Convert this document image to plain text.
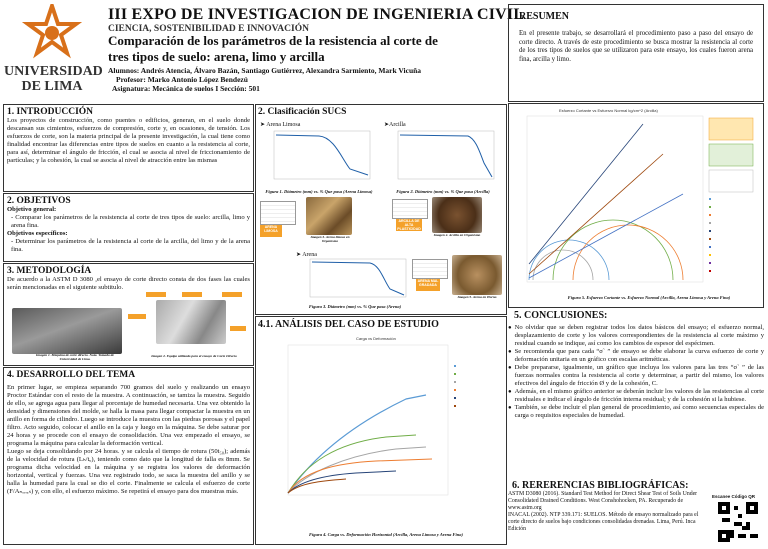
UNIVERSIDAD
DE LIMA
III EXPO DE INVESTIGACION DE INGENIERIA CIVIL
CIENCIA, SOSTENIBILIDAD E INNOVACIÓN
Comparación de los parámetros de la resistencia al corte de
tres tipos de suelo: arena, limo y arcilla
Alumnos: Andrés Atencia, Álvaro Bazán, Santiago Gutiérrez, Alexandra Sarmiento, Mark Vicuña
Profesor: Marko Antonio López Bendezú
Asignatura: Mecánica de suelos I Sección: 501
RESUMEN
En el presente trabajo, se desarrollará el procedimiento paso a paso del ensayo de corte directo. A través de este procedimiento se busca mostrar la resistencia al corte de los tres tipos de suelos que se utilizaron para este ensayo, los cuales fueron arena fina, arcilla y limo.
1. INTRODUCCIÓN
Los proyectos de construcción, como puentes o edificios, generan, en el suelo donde descansan sus cimientos, esfuerzos de compresión, corte y, en ocasiones, de tensión. Los esfuerzos de corte, son la materia principal de la presente investigación, la cual tiene como finalidad encontrar las diferencias entre tipos de suelos en cuanto a la resistencia al corte, para así, determinar el ángulo de fricción, el cual se asocia al nivel de friccionamiento de partículas; y la cohesión, la cual se asocia al nivel de atracción entre las mismas
2. OBJETIVOS
Objetivo general:
- Comparar los parámetros de la resistencia al corte de tres tipos de suelo: arcilla, limo y arena fina.
Objetivos específicos:
- Determinar los parámetros de la resistencia al corte de la arcilla, del limo y de la arena fina.
3. METODOLOGÍA
De acuerdo a la ASTM D 3080 ,el ensayo de corte directo consta de dos fases las cuales serán mencionadas en el siguiente subtitulo.
Imagen 1. Máquina de corte directo. Nota. Tomado de Universidad de Lima.
Imagen 2. Equipo utilizado para el ensayo de Corte Directo
4. DESARROLLO DEL TEMA
En primer lugar, se empieza separando 700 gramos del suelo y realizando un ensayo Proctor Estándar con el resto de la muestra. A continuación, se tamiza la muestra. Seguido de ello, se agrega agua para llegar al porcentaje de humedad necesaria. Una vez obtenido la densidad y dimensiones del molde, se halla la masa para llegar compactar la muestra en un anillo en forma de cilindro. Luego se introduce la muestra con las piedras porosas y el papel filtro. Acto seguido, colocar el anillo en la caja y luego en la máquina. Se debe saturar por 24 horas y se procede con el ensayo de consolidación. Una vez empezado el ensayo, se programa la máquina para calcular la deformación vertical.
Luego se deja consolidando por 24 horas. y se calcula el tiempo de rotura (50t₅₀); además de la velocidad de rotura (Lₕ/tᵤ), teniendo como dato que la longitud de falla es 8mm. Se programa dicha velocidad en la máquina y se registra los valores de deformación horizontal, vertical y fuerzas. Una vez registrado todo, se saca la muestra del anillo y se halla la humedad para la cual se dio el corte. Finalmente se calcula el esfuerzo de corte (F/Aₙₒᵣᵣₑₛ) y, con ello, el esfuerzo máximo. Se repetirá el ensayo para dos muestras más.
2. Clasificación SUCS
➤ Arena Limosa
Figura 1. Diámetro (mm) vs. % Que pasa (Arena Limosa)
➤Arcilla
Figura 2. Diámetro (mm) vs. % Que pasa (Arcilla)
ARENA LIMOSA
Imagen 3. Arena limosa en Organismo
ARCILLA DE ALTA PLASTICIDAD
Imagen 4. Arcilla en Organismo
➤ Arena
Figura 3. Diámetro (mm) vs. % Que pasa (Arena)
ARENA MAL GRADADA
Imagen 5. Arena en Horno
4.1. ANÁLISIS DEL CASO DE ESTUDIO
Carga vs Deformación
Figura 4. Carga vs. Deformación Horizontal (Arcilla, Arena Limosa y Arena Fina)
Esfuerzo Cortante vs Esfuerzo Normal kg/cm^2 (Arcilla)
Figura 5. Esfuerzo Cortante vs. Esfuerzo Normal (Arcilla, Arena Limosa y Arena Fina)
5. CONCLUSIONES:
● No olvidar que se deben registrar todos los datos básicos del ensayo; el esfuerzo normal, desplazamiento de corte y los valores correspondientes de la resistencia al corte máximo y residual cuando se indique, así como los cambios de espesor del espécimen.
● Se recomienda que para cada “σ` ” de ensayo se debe elaborar la curva esfuerzo de corte y deformación unitaria en un gráfico con escalas aritméticas.
● Debe prepararse, igualmente, un gráfico que incluya los valores para las tres “σ` ” de las fuerzas normales contra la resistencia al corte y determinar, a partir del mismo, los valores efectivos del ángulo de fricción Ø y de la cohesión, C.
● Además, en el mismo gráfico anterior se deberán incluir los valores de las resistencias al corte residuales e indicar el ángulo de fricción interna residual; y de la cohesión si la hubiese.
● También, se debe incluir el plan general de procedimiento, así como secuencias especiales de carga o requisitos especiales de humedad.
6. RERERENCIAS BIBLIOGRÁFICAS:
ASTM D3080 (2016). Standard Test Method for Direct Shear Test of Soils Under Consolidated Drained Conditions. West Conshohocken, PA. Recuperado de www.astm.org
INACAL (2002). NTP 339.171: SUELOS. Método de ensayo normalizado para el corte directo de suelos bajo condiciones consolidadas drenadas. Lima, Perú. Inca Edición
Escanee Código QR
